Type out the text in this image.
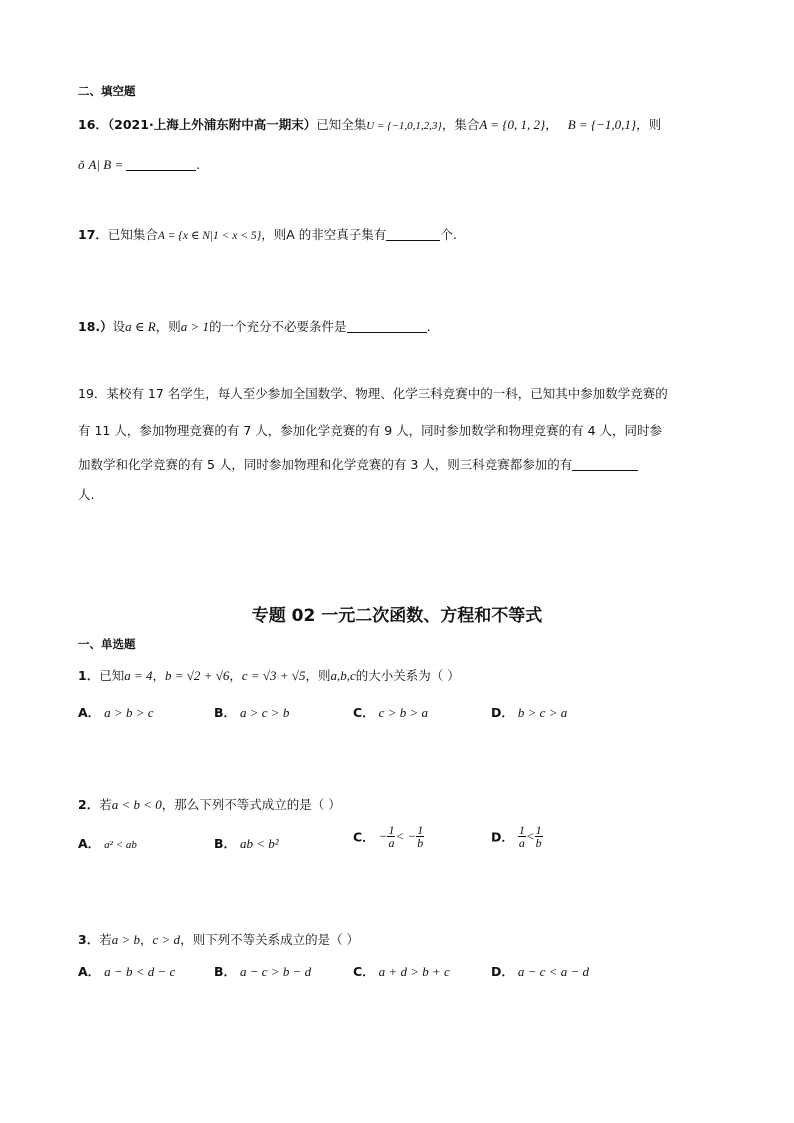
二、填空题
16．（2021·上海上外浦东附中高一期末）已知全集U = {−1,0,1,2,3}，集合A = {0, 1, 2}， B = {−1,0,1}，则
ǒ A| B =	.
17．已知集合A = {x ∈ N|1 < x < 5}，则A 的非空真子集有	个.
18.）设a ∈ R，则a > 1的一个充分不必要条件是	.
19．某校有 17 名学生，每人至少参加全国数学、物理、化学三科竞赛中的一科，已知其中参加数学竞赛的
有 11 人，参加物理竞赛的有 7 人，参加化学竞赛的有 9 人，同时参加数学和物理竞赛的有 4 人，同时参
加数学和化学竞赛的有 5 人，同时参加物理和化学竞赛的有 3 人，则三科竞赛都参加的有
人.
专题 02 一元二次函数、方程和不等式
一、单选题
1．已知a = 4，b = √2 + √6，c = √3 + √5，则a,b,c的大小关系为（ ）
A． a > b > c	B． a > c > b	C． c > b > a	D． b > c > a
2．若a < b < 0，那么下列不等式成立的是（ ）
A． a² < ab	B． ab < b²	C． − $\frac{1}{a}$ < − $\frac{1}{b}$	D． $\frac{1}{a} < \frac{1}{b}$
3．若a > b，c > d，则下列不等关系成立的是（ ）
A． a − b < d − c	B． a − c > b − d	C． a + d > b + c	D． a − c < a − d
